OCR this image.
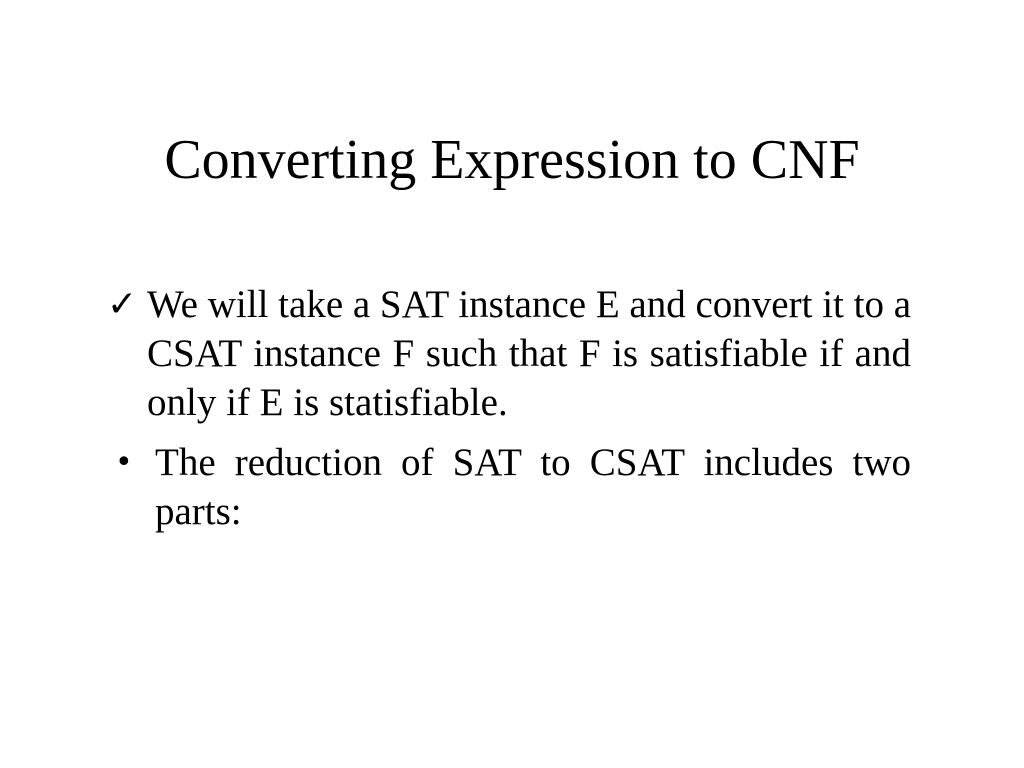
Converting Expression to CNF
✓ We will take a SAT instance E and convert it to a CSAT instance F such that F is satisfiable if and only if E is statisfiable.
• The reduction of SAT to CSAT includes two parts:
